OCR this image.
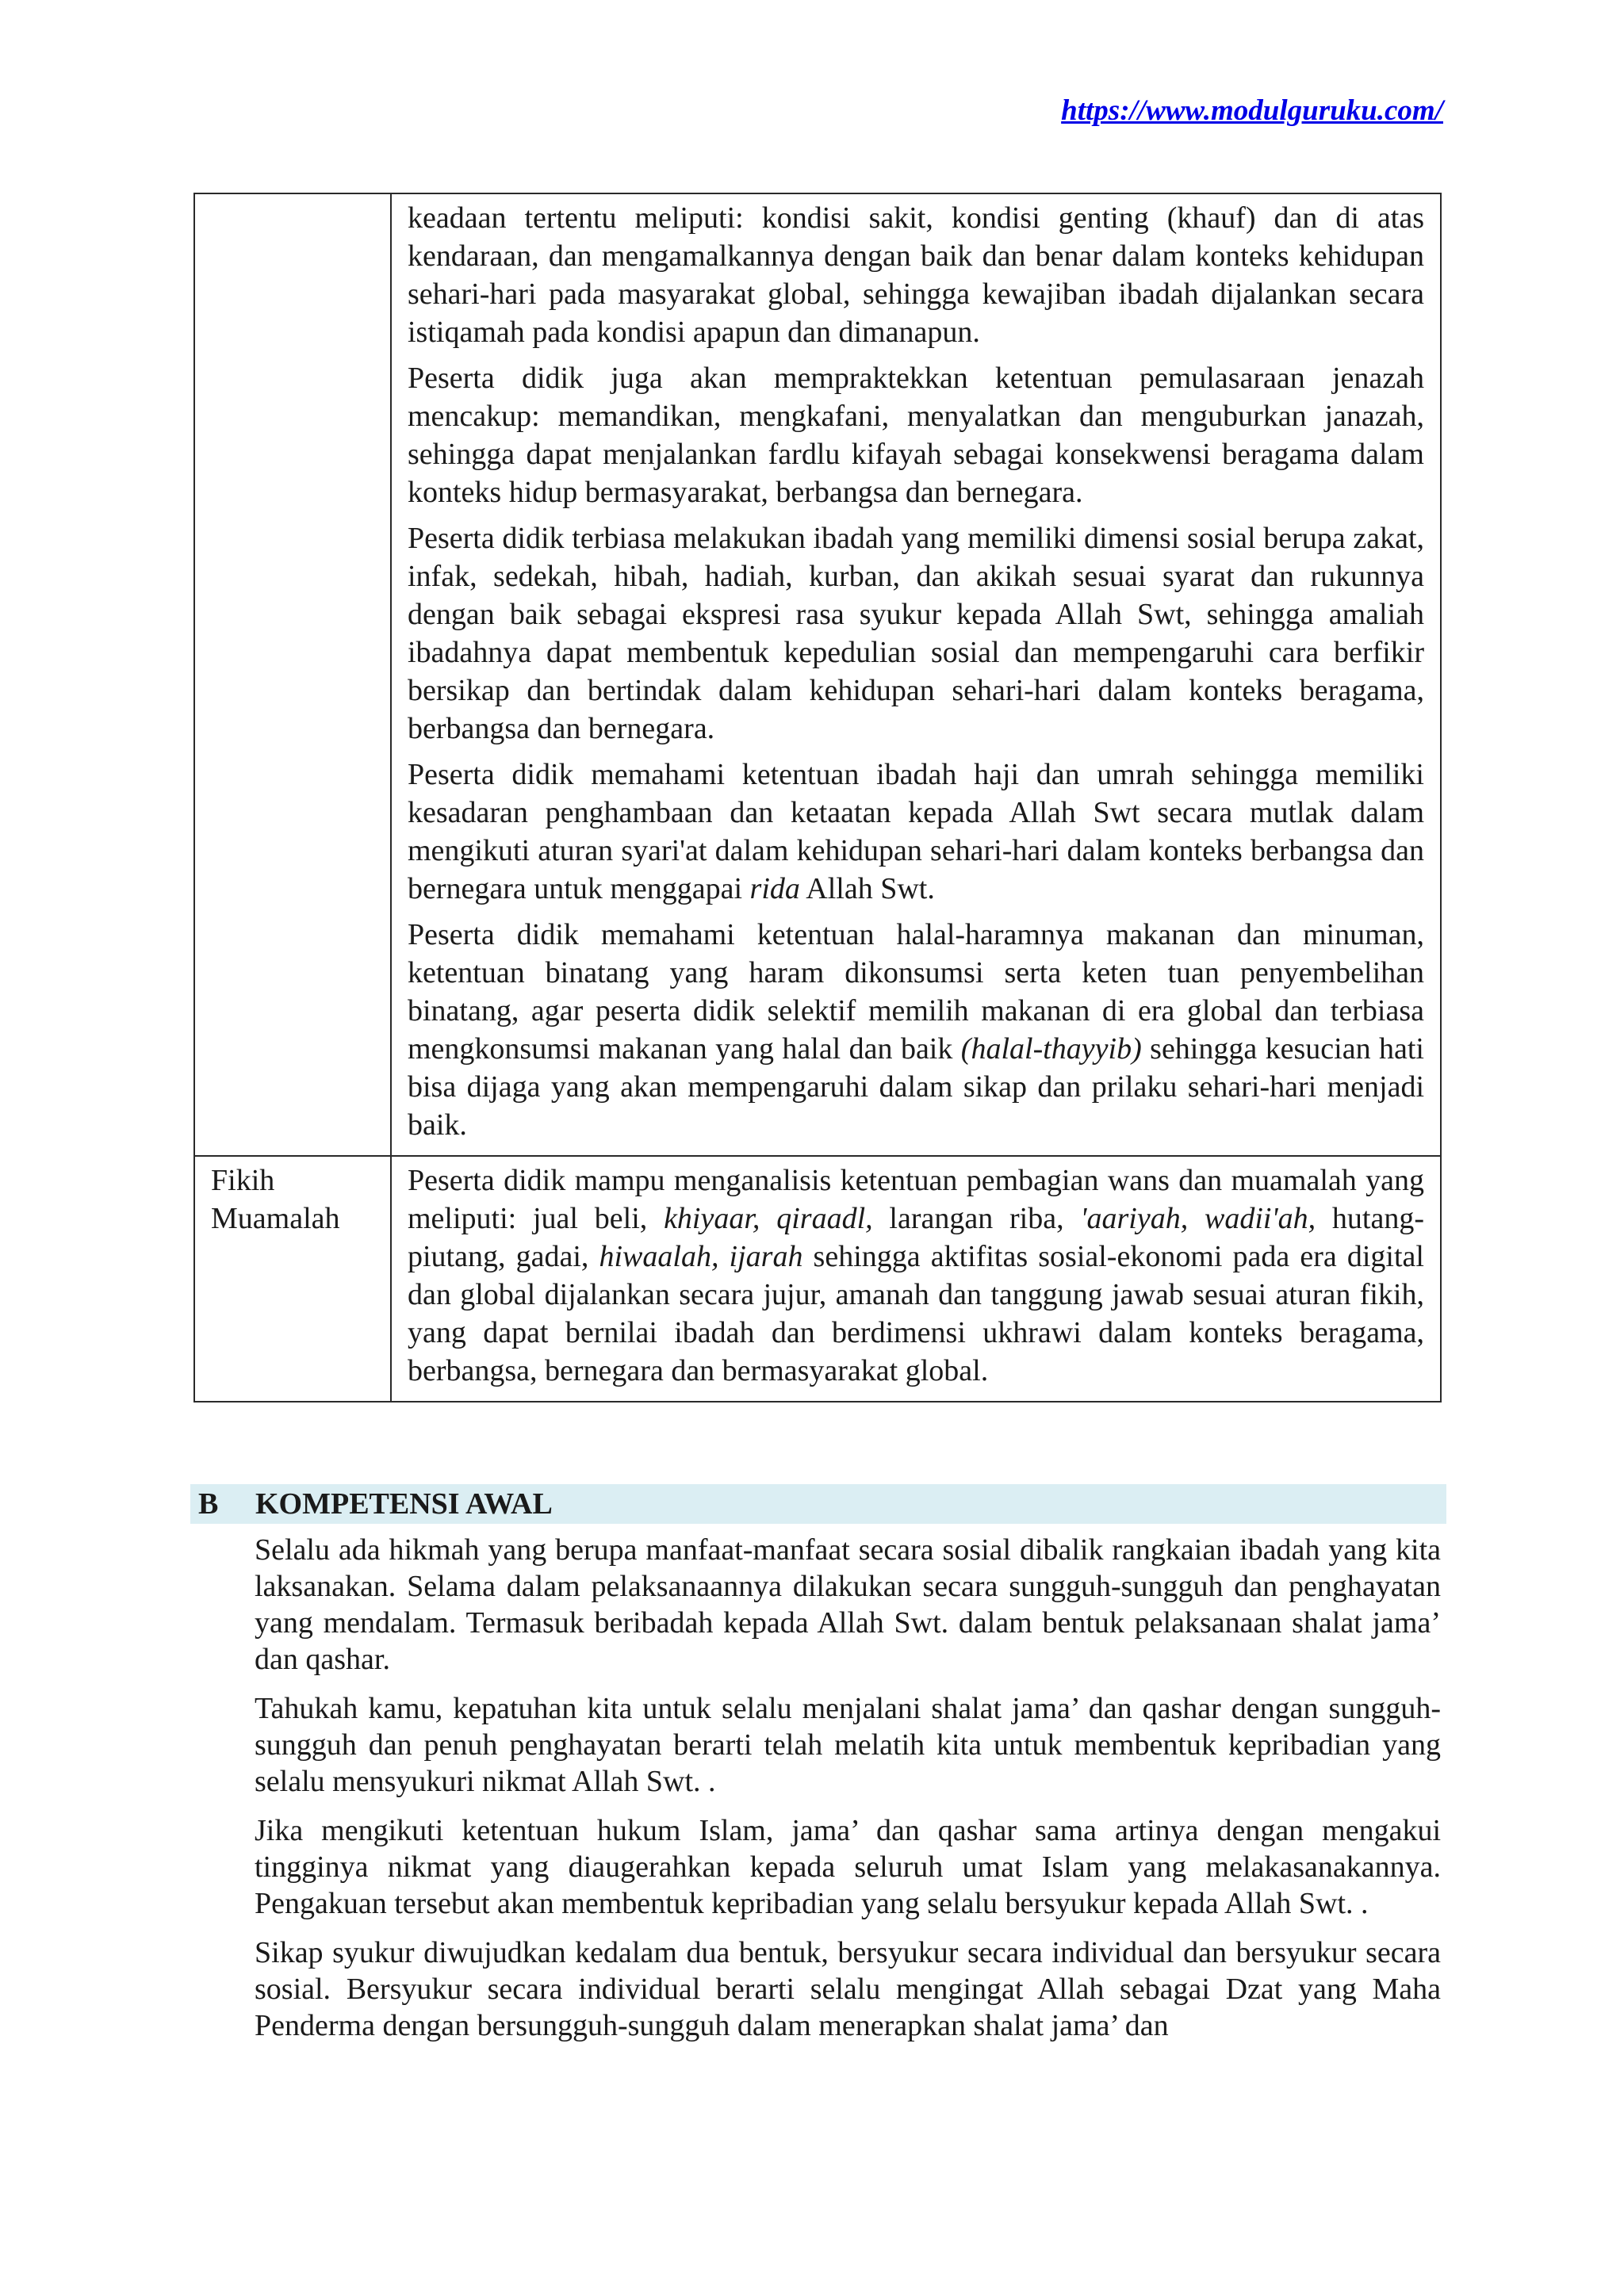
https://www.modulguruku.com/

	keadaan tertentu meliputi: kondisi sakit, kondisi genting (khauf) dan di atas kendaraan, dan mengamalkannya dengan baik dan benar dalam konteks kehidupan sehari-hari pada masyarakat global, sehingga kewajiban ibadah dijalankan secara istiqamah pada kondisi apapun dan dimanapun.

Peserta didik juga akan mempraktekkan ketentuan pemulasaraan jenazah mencakup: memandikan, mengkafani, menyalatkan dan menguburkan janazah, sehingga dapat menjalankan fardlu kifayah sebagai konsekwensi beragama dalam konteks hidup bermasyarakat, berbangsa dan bernegara.

Peserta didik terbiasa melakukan ibadah yang memiliki dimensi sosial berupa zakat, infak, sedekah, hibah, hadiah, kurban, dan akikah sesuai syarat dan rukunnya dengan baik sebagai ekspresi rasa syukur kepada Allah Swt, sehingga amaliah ibadahnya dapat membentuk kepedulian sosial dan mempengaruhi cara berfikir bersikap dan bertindak dalam kehidupan sehari-hari dalam konteks beragama, berbangsa dan bernegara.

Peserta didik memahami ketentuan ibadah haji dan umrah sehingga memiliki kesadaran penghambaan dan ketaatan kepada Allah Swt secara mutlak dalam mengikuti aturan syari'at dalam kehidupan sehari-hari dalam konteks berbangsa dan bernegara untuk menggapai rida Allah Swt.

Peserta didik memahami ketentuan halal-haramnya makanan dan minuman, ketentuan binatang yang haram dikonsumsi serta keten tuan penyembelihan binatang, agar peserta didik selektif memilih makanan di era global dan terbiasa mengkonsumsi makanan yang halal dan baik (halal-thayyib) sehingga kesucian hati bisa dijaga yang akan mempengaruhi dalam sikap dan prilaku sehari-hari menjadi baik.

Fikih
Muamalah	Peserta didik mampu menganalisis ketentuan pembagian wans dan muamalah yang meliputi: jual beli, khiyaar, qiraadl, larangan riba, 'aariyah, wadii'ah, hutang-piutang, gadai, hiwaalah, ijarah sehingga aktifitas sosial-ekonomi pada era digital dan global dijalankan secara jujur, amanah dan tanggung jawab sesuai aturan fikih, yang dapat bernilai ibadah dan berdimensi ukhrawi dalam konteks beragama, berbangsa, bernegara dan bermasyarakat global.

B KOMPETENSI AWAL

Selalu ada hikmah yang berupa manfaat-manfaat secara sosial dibalik rangkaian ibadah yang kita laksanakan. Selama dalam pelaksanaannya dilakukan secara sungguh-sungguh dan penghayatan yang mendalam. Termasuk beribadah kepada Allah Swt. dalam bentuk pelaksanaan shalat jama’ dan qashar.

Tahukah kamu, kepatuhan kita untuk selalu menjalani shalat jama’ dan qashar dengan sungguh-sungguh dan penuh penghayatan berarti telah melatih kita untuk membentuk kepribadian yang selalu mensyukuri nikmat Allah Swt. .

Jika mengikuti ketentuan hukum Islam, jama’ dan qashar sama artinya dengan mengakui tingginya nikmat yang diaugerahkan kepada seluruh umat Islam yang melakasanakannya. Pengakuan tersebut akan membentuk kepribadian yang selalu bersyukur kepada Allah Swt. .

Sikap syukur diwujudkan kedalam dua bentuk, bersyukur secara individual dan bersyukur secara sosial. Bersyukur secara individual berarti selalu mengingat Allah sebagai Dzat yang Maha Penderma dengan bersungguh-sungguh dalam menerapkan shalat jama’ dan
